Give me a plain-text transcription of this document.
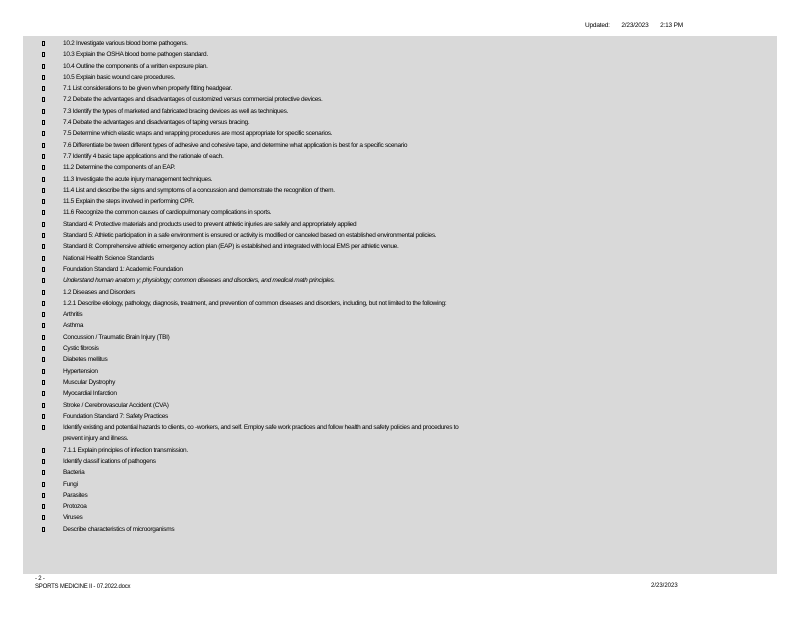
Updated: 2/23/2023 2:13 PM
10.2 Investigate various blood borne pathogens.
10.3 Explain the OSHA blood borne pathogen standard.
10.4 Outline the components of a written exposure plan.
10.5 Explain basic wound care procedures.
7.1 List considerations to be given when properly fitting headgear.
7.2 Debate the advantages and disadvantages of customized versus commercial protective devices.
7.3 Identify the types of marketed and fabricated bracing devices as well as techniques.
7.4 Debate the advantages and disadvantages of taping versus bracing.
7.5 Determine which elastic wraps and wrapping procedures are most appropriate for specific scenarios.
7.6 Differentiate be tween different types of adhesive and cohesive tape, and determine what application is best for a specific scenario
7.7 Identify 4 basic tape applications and the rationale of each.
11.2 Determine the components of an EAP.
11.3 Investigate the acute injury management techniques.
11.4 List and describe the signs and symptoms of a concussion and demonstrate the recognition of them.
11.5 Explain the steps involved in performing CPR.
11.6 Recognize the common causes of cardiopulmonary complications in sports.
Standard 4: Protective materials and products used to prevent athletic injuries are safely and appropriately applied
Standard 5: Athletic participation in a safe environment is ensured or activity is modified or canceled based on established environmental policies.
Standard 8: Comprehensive athletic emergency action plan (EAP) is established and integrated with local EMS per athletic venue.
National Health Science Standards
Foundation Standard 1: Academic Foundation
Understand human anatom y; physiology; common diseases and disorders, and medical math principles.
1.2 Diseases and Disorders
1.2.1 Describe etiology, pathology, diagnosis, treatment, and prevention of common diseases and disorders, including, but not limited to the following:
Arthritis
Asthma
Concussion / Traumatic Brain Injury (TBI)
Cystic fibrosis
Diabetes mellitus
Hypertension
Muscular Dystrophy
Myocardial Infarction
Stroke / Cerebrovascular Accident (CVA)
Foundation Standard 7: Safety Practices
Identify existing and potential hazards to clients, co -workers, and self. Employ safe work practices and follow health and safety policies and procedures to
prevent injury and illness.
7.1.1 Explain principles of infection transmission.
Identify classif ications of pathogens
Bacteria
Fungi
Parasites
Protozoa
Viruses
Describe characteristics of microorganisms
- 2 -
SPORTS MEDICINE II - 07.2022.docx	2/23/2023
